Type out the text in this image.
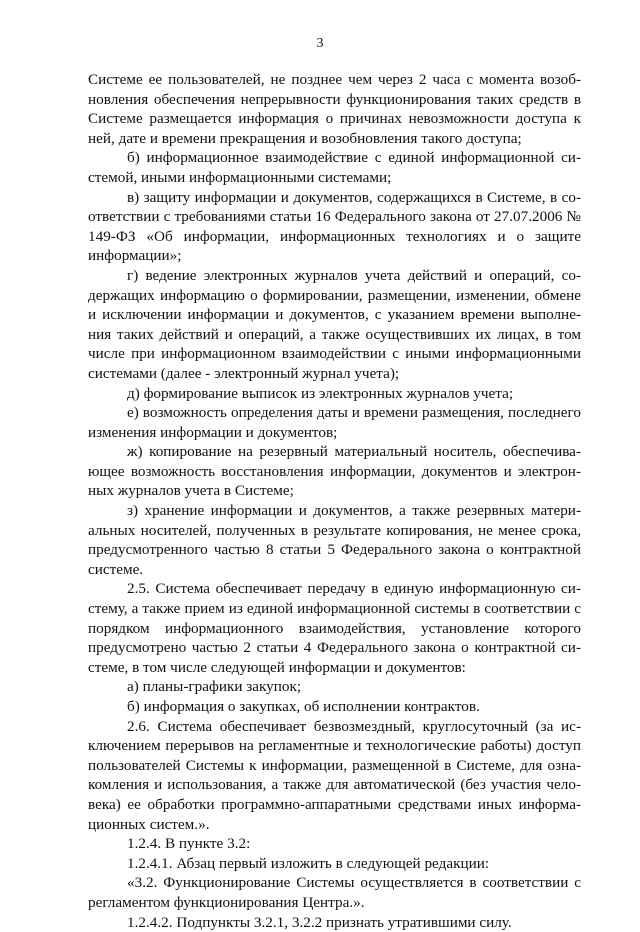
3

Системе ее пользователей, не позднее чем через 2 часа с момента возобновления обеспечения непрерывности функционирования таких средств в Системе размещается информация о причинах невозможности доступа к ней, дате и времени прекращения и возобновления такого доступа;

б) информационное взаимодействие с единой информационной системой, иными информационными системами;

в) защиту информации и документов, содержащихся в Системе, в соответствии с требованиями статьи 16 Федерального закона от 27.07.2006 № 149-ФЗ «Об информации, информационных технологиях и о защите информации»;

г) ведение электронных журналов учета действий и операций, содержащих информацию о формировании, размещении, изменении, обмене и исключении информации и документов, с указанием времени выполнения таких действий и операций, а также осуществивших их лицах, в том числе при информационном взаимодействии с иными информационными системами (далее - электронный журнал учета);

д) формирование выписок из электронных журналов учета;

е) возможность определения даты и времени размещения, последнего изменения информации и документов;

ж) копирование на резервный материальный носитель, обеспечивающее возможность восстановления информации, документов и электронных журналов учета в Системе;

з) хранение информации и документов, а также резервных материальных носителей, полученных в результате копирования, не менее срока, предусмотренного частью 8 статьи 5 Федерального закона о контрактной системе.

2.5. Система обеспечивает передачу в единую информационную систему, а также прием из единой информационной системы в соответствии с порядком информационного взаимодействия, установление которого предусмотрено частью 2 статьи 4 Федерального закона о контрактной системе, в том числе следующей информации и документов:

а) планы-графики закупок;

б) информация о закупках, об исполнении контрактов.

2.6. Система обеспечивает безвозмездный, круглосуточный (за исключением перерывов на регламентные и технологические работы) доступ пользователей Системы к информации, размещенной в Системе, для ознакомления и использования, а также для автоматической (без участия человека) ее обработки программно-аппаратными средствами иных информационных систем.».

1.2.4. В пункте 3.2:

1.2.4.1. Абзац первый изложить в следующей редакции:

«3.2. Функционирование Системы осуществляется в соответствии с регламентом функционирования Центра.».

1.2.4.2. Подпункты 3.2.1, 3.2.2 признать утратившими силу.
